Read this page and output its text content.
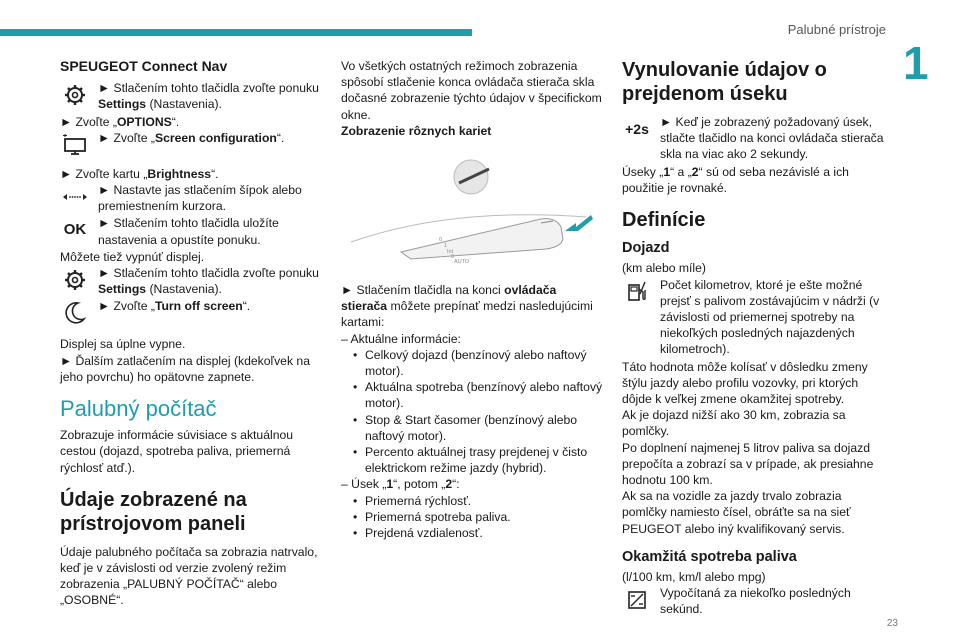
Palubné prístroje
1
23
SPEUGEOT Connect Nav

► Stlačením tohto tlačidla zvoľte ponuku Settings (Nastavenia).

► Zvoľte „OPTIONS“.

► Zvoľte „Screen configuration“.

► Zvoľte kartu „Brightness“.

► Nastavte jas stlačením šípok alebo premiestnením kurzora.

OK ► Stlačením tohto tlačidla uložíte nastavenia a opustíte ponuku.

Môžete tiež vypnúť displej.

► Stlačením tohto tlačidla zvoľte ponuku Settings (Nastavenia).

► Zvoľte „Turn off screen“.

Displej sa úplne vypne.

► Ďalším zatlačením na displej (kdekoľvek na jeho povrchu) ho opätovne zapnete.

Palubný počítač

Zobrazuje informácie súvisiace s aktuálnou cestou (dojazd, spotreba paliva, priemerná rýchlosť atď.).

Údaje zobrazené na prístrojovom paneli

Údaje palubného počítača sa zobrazia natrvalo, keď je v závislosti od verzie zvolený režim zobrazenia „PALUBNÝ POČÍTAČ“ alebo „OSOBNÉ“.

Vo všetkých ostatných režimoch zobrazenia spôsobí stlačenie konca ovládača stierača skla dočasné zobrazenie týchto údajov v špecifickom okne.

Zobrazenie rôznych kariet

0
1
Int
0
AUTO

► Stlačením tlačidla na konci ovládača stierača môžete prepínať medzi nasledujúcimi kartami:

– Aktuálne informácie:

• Celkový dojazd (benzínový alebo naftový motor).
• Aktuálna spotreba (benzínový alebo naftový motor).
• Stop & Start časomer (benzínový alebo naftový motor).
• Percento aktuálnej trasy prejdenej v čisto elektrickom režime jazdy (hybrid).

– Úsek „1“, potom „2“:

• Priemerná rýchlosť.
• Priemerná spotreba paliva.
• Prejdená vzdialenosť.
Vynulovanie údajov o prejdenom úseku
+2s ► Keď je zobrazený požadovaný úsek, stlačte tlačidlo na konci ovládača stierača skla na viac ako 2 sekundy.

Úseky „1“ a „2“ sú od seba nezávislé a ich použitie je rovnaké.

Definície
Dojazd

(km alebo míle)

Počet kilometrov, ktoré je ešte možné prejsť s palivom zostávajúcim v nádrži (v závislosti od priemernej spotreby na niekoľkých posledných najazdených kilometroch).

Táto hodnota môže kolísať v dôsledku zmeny štýlu jazdy alebo profilu vozovky, pri ktorých dôjde k veľkej zmene okamžitej spotreby.

Ak je dojazd nižší ako 30 km, zobrazia sa pomlčky.

Po doplnení najmenej 5 litrov paliva sa dojazd prepočíta a zobrazí sa v prípade, ak presiahne hodnotu 100 km.

Ak sa na vozidle za jazdy trvalo zobrazia pomlčky namiesto čísel, obráťte sa na sieť PEUGEOT alebo iný kvalifikovaný servis.

Okamžitá spotreba paliva

(l/100 km, km/l alebo mpg)

Vypočítaná za niekoľko posledných sekúnd.
